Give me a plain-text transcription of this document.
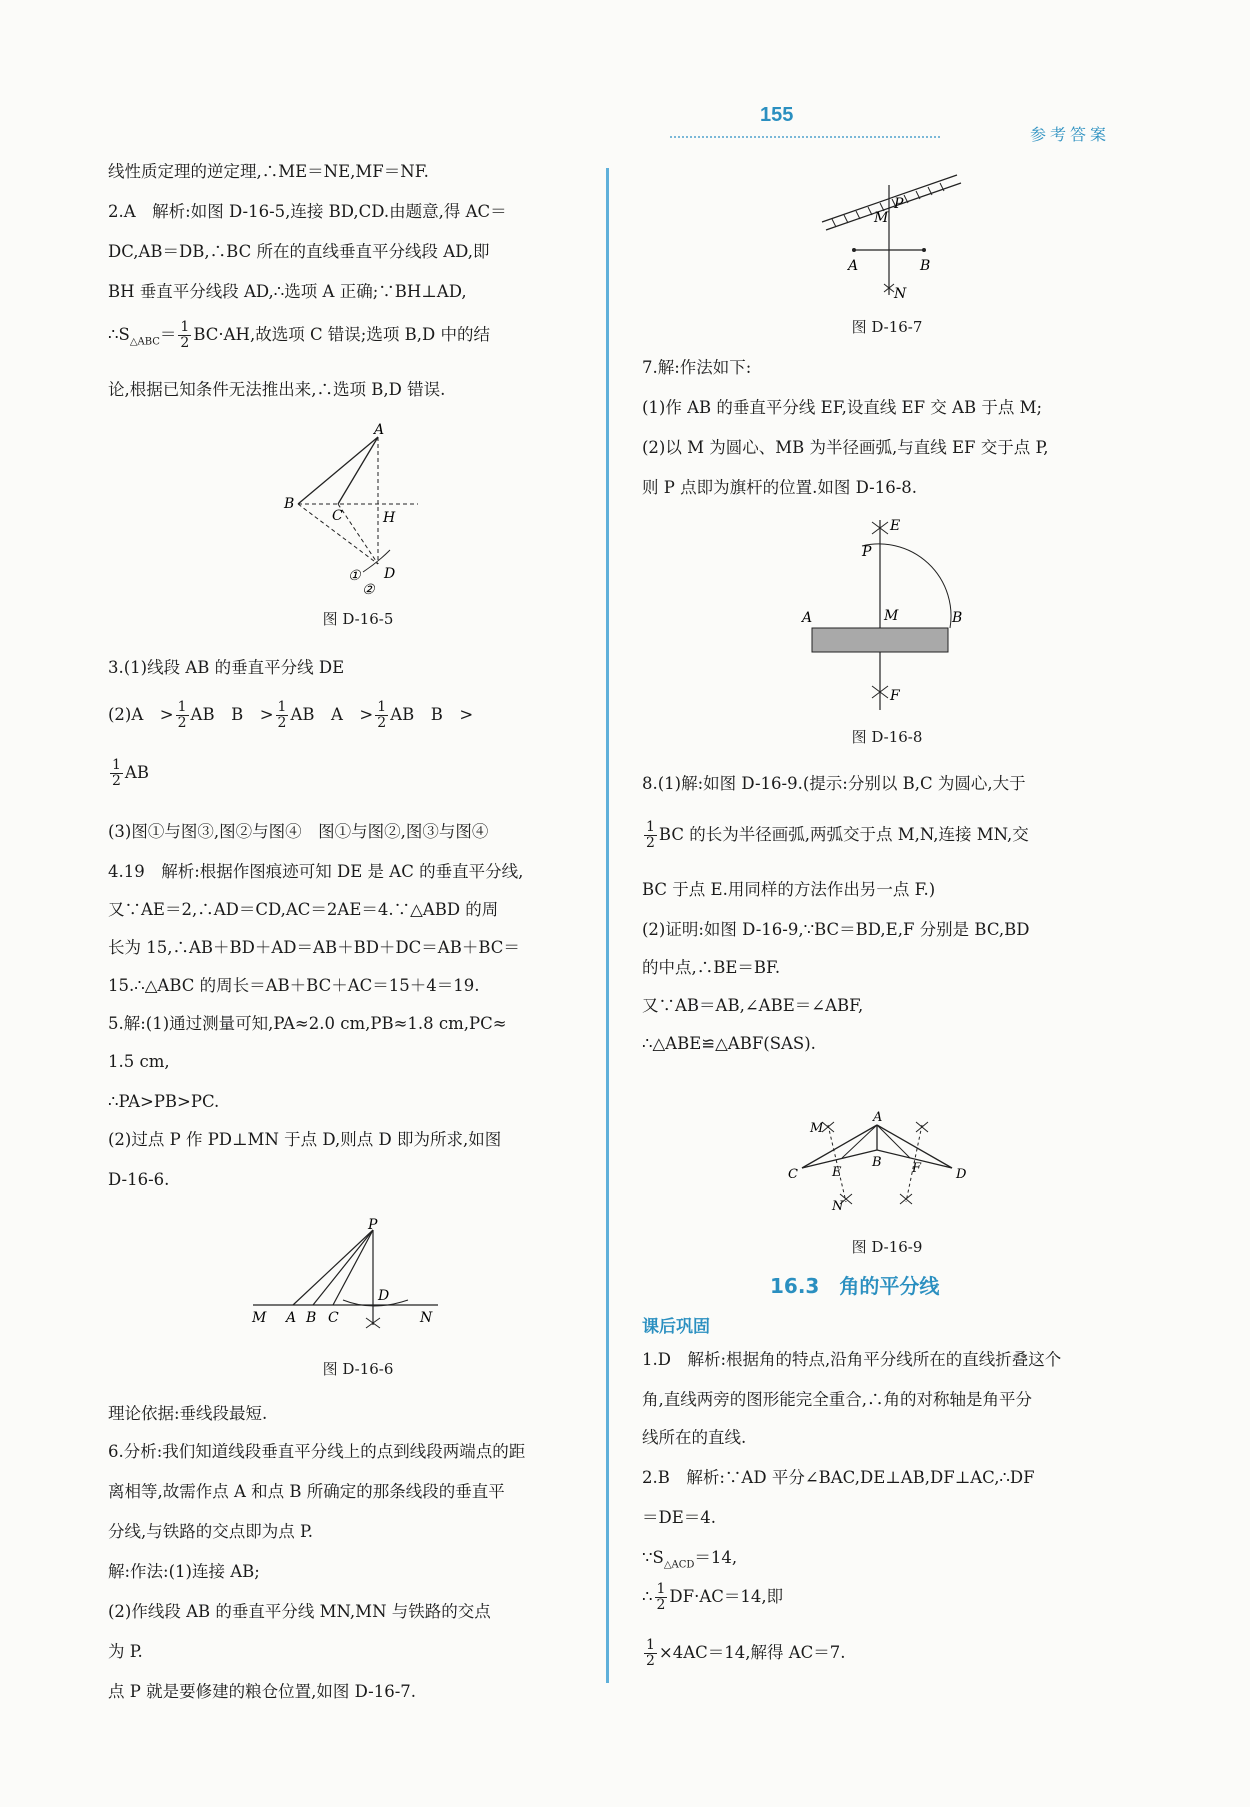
155
参考答案
线性质定理的逆定理,∴ME＝NE,MF＝NF.
2.A　解析:如图 D-16-5,连接 BD,CD.由题意,得 AC＝
DC,AB＝DB,∴BC 所在的直线垂直平分线段 AD,即
BH 垂直平分线段 AD,∴选项 A 正确;∵BH⊥AD,
$\therefore S_{\triangle ABC}= \frac{1}{2} BC\cdot AH$,故选项 C 错误;选项 B,D 中的结
论,根据已知条件无法推出来,∴选项 B,D 错误.
A
B
C	H
D
①
②
图 D-16-5
3.(1)线段 AB 的垂直平分线 DE
(2)A　> $\frac{1}{2}$ AB　B　> $\frac{1}{2}$ AB　A　> $\frac{1}{2}$ AB　B　>
$\frac{1}{2}$ AB
(3)图①与图③,图②与图④　图①与图②,图③与图④
4.19　解析:根据作图痕迹可知 DE 是 AC 的垂直平分线,
又∵AE＝2,∴AD＝CD,AC＝2AE＝4.∵△ABD 的周
长为 15,∴AB＋BD＋AD＝AB＋BD＋DC＝AB＋BC＝
15.∴△ABC 的周长＝AB＋BC＋AC＝15＋4＝19.
5.解:(1)通过测量可知,PA≈2.0 cm,PB≈1.8 cm,PC≈
1.5 cm,
∴PA>PB>PC.
(2)过点 P 作 PD⊥MN 于点 D,则点 D 即为所求,如图
D-16-6.
P
M A B C
D
N
图 D-16-6
理论依据:垂线段最短.
6.分析:我们知道线段垂直平分线上的点到线段两端点的距
离相等,故需作点 A 和点 B 所确定的那条线段的垂直平
分线,与铁路的交点即为点 P.
解:作法:(1)连接 AB;
(2)作线段 AB 的垂直平分线 MN,MN 与铁路的交点
为 P.
点 P 就是要修建的粮仓位置,如图 D-16-7.
M
P
A	B
N
图 D-16-7
7.解:作法如下:
(1)作 AB 的垂直平分线 EF,设直线 EF 交 AB 于点 M;
(2)以 M 为圆心、MB 为半径画弧,与直线 EF 交于点 P,
则 P 点即为旗杆的位置.如图 D-16-8.
E
P
A	M	B
F
图 D-16-8
8.(1)解:如图 D-16-9.(提示:分别以 B,C 为圆心,大于
$\frac{1}{2}$ BC 的长为半径画弧,两弧交于点 M,N,连接 MN,交
BC 于点 E.用同样的方法作出另一点 F.)
(2)证明:如图 D-16-9,∵BC＝BD,E,F 分别是 BC,BD
的中点,∴BE＝BF.
又∵AB＝AB,∠ABE＝∠ABF,
∴△ABE≌△ABF(SAS).
A
M
C	E
B F	D
N
图 D-16-9
16.3　角的平分线
课后巩固
1.D　解析:根据角的特点,沿角平分线所在的直线折叠这个
角,直线两旁的图形能完全重合,∴角的对称轴是角平分
线所在的直线.
2.B　解析:∵AD 平分∠BAC,DE⊥AB,DF⊥AC,∴DF
＝DE＝4.
$\because S_{\triangle ACD}=14$,
∴ $\frac{1}{2} DF\cdot AC=14$,即
$\frac{1}{2} \times 4AC=14$,解得 AC＝7.
